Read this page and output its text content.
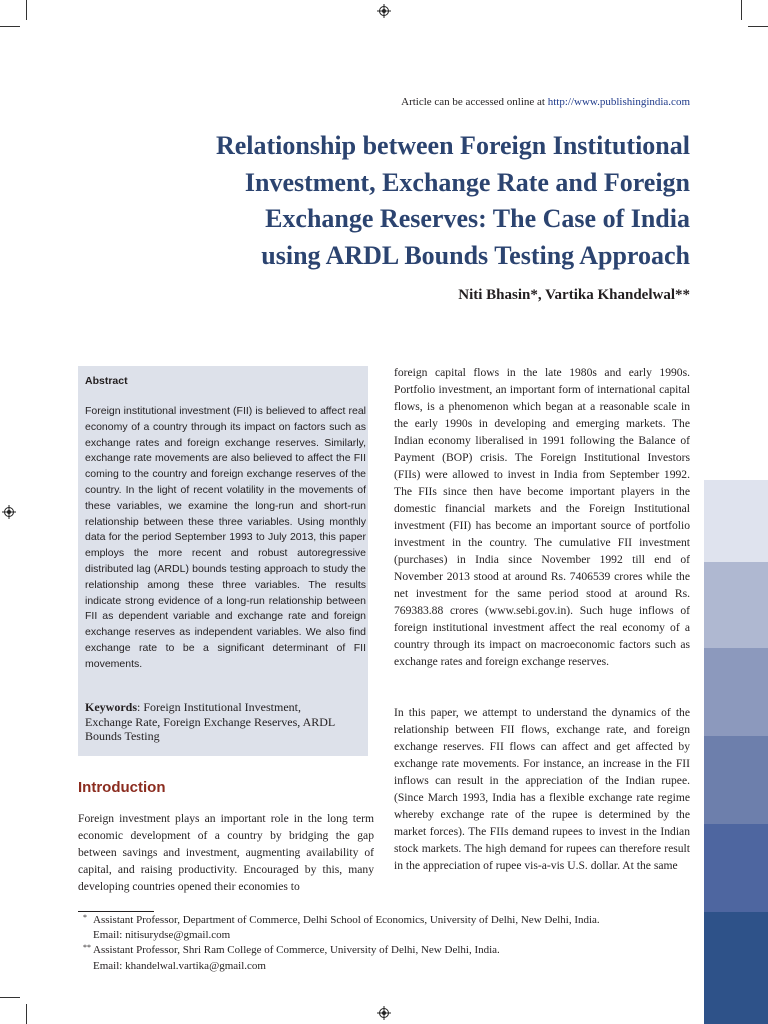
Article can be accessed online at http://www.publishingindia.com
Relationship between Foreign Institutional
Investment, Exchange Rate and Foreign
Exchange Reserves: The Case of India
using ARDL Bounds Testing Approach
Niti Bhasin*, Vartika Khandelwal**
Abstract
Foreign institutional investment (FII) is believed to affect real economy of a country through its impact on factors such as exchange rates and foreign exchange reserves. Similarly, exchange rate movements are also believed to affect the FII coming to the country and foreign exchange reserves of the country. In the light of recent volatility in the movements of these variables, we examine the long-run and short-run relationship between these three variables. Using monthly data for the period September 1993 to July 2013, this paper employs the more recent and robust autoregressive distributed lag (ARDL) bounds testing approach to study the relationship among these three variables. The results indicate strong evidence of a long-run relationship between FII as dependent variable and exchange rate and foreign exchange reserves as independent variables. We also find exchange rate to be a significant determinant of FII movements.
Keywords: Foreign Institutional Investment, Exchange Rate, Foreign Exchange Reserves, ARDL Bounds Testing
Introduction
Foreign investment plays an important role in the long term economic development of a country by bridging the gap between savings and investment, augmenting availability of capital, and raising productivity. Encouraged by this, many developing countries opened their economies to
foreign capital flows in the late 1980s and early 1990s. Portfolio investment, an important form of international capital flows, is a phenomenon which began at a reasonable scale in the early 1990s in developing and emerging markets. The Indian economy liberalised in 1991 following the Balance of Payment (BOP) crisis. The Foreign Institutional Investors (FIIs) were allowed to invest in India from September 1992. The FIIs since then have become important players in the domestic financial markets and the Foreign Institutional investment (FII) has become an important source of portfolio investment in the country. The cumulative FII investment (purchases) in India since November 1992 till end of November 2013 stood at around Rs. 7406539 crores while the net investment for the same period stood at around Rs. 769383.88 crores (www.sebi.gov.in). Such huge inflows of foreign institutional investment affect the real economy of a country through its impact on macroeconomic factors such as exchange rates and foreign exchange reserves.
In this paper, we attempt to understand the dynamics of the relationship between FII flows, exchange rate, and foreign exchange reserves. FII flows can affect and get affected by exchange rate movements. For instance, an increase in the FII inflows can result in the appreciation of the Indian rupee. (Since March 1993, India has a flexible exchange rate regime whereby exchange rate of the rupee is determined by the market forces). The FIIs demand rupees to invest in the Indian stock markets. The high demand for rupees can therefore result in the appreciation of rupee vis-a-vis U.S. dollar. At the same
* Assistant Professor, Department of Commerce, Delhi School of Economics, University of Delhi, New Delhi, India.
Email: nitisurydse@gmail.com
** Assistant Professor, Shri Ram College of Commerce, University of Delhi, New Delhi, India.
Email: khandelwal.vartika@gmail.com
